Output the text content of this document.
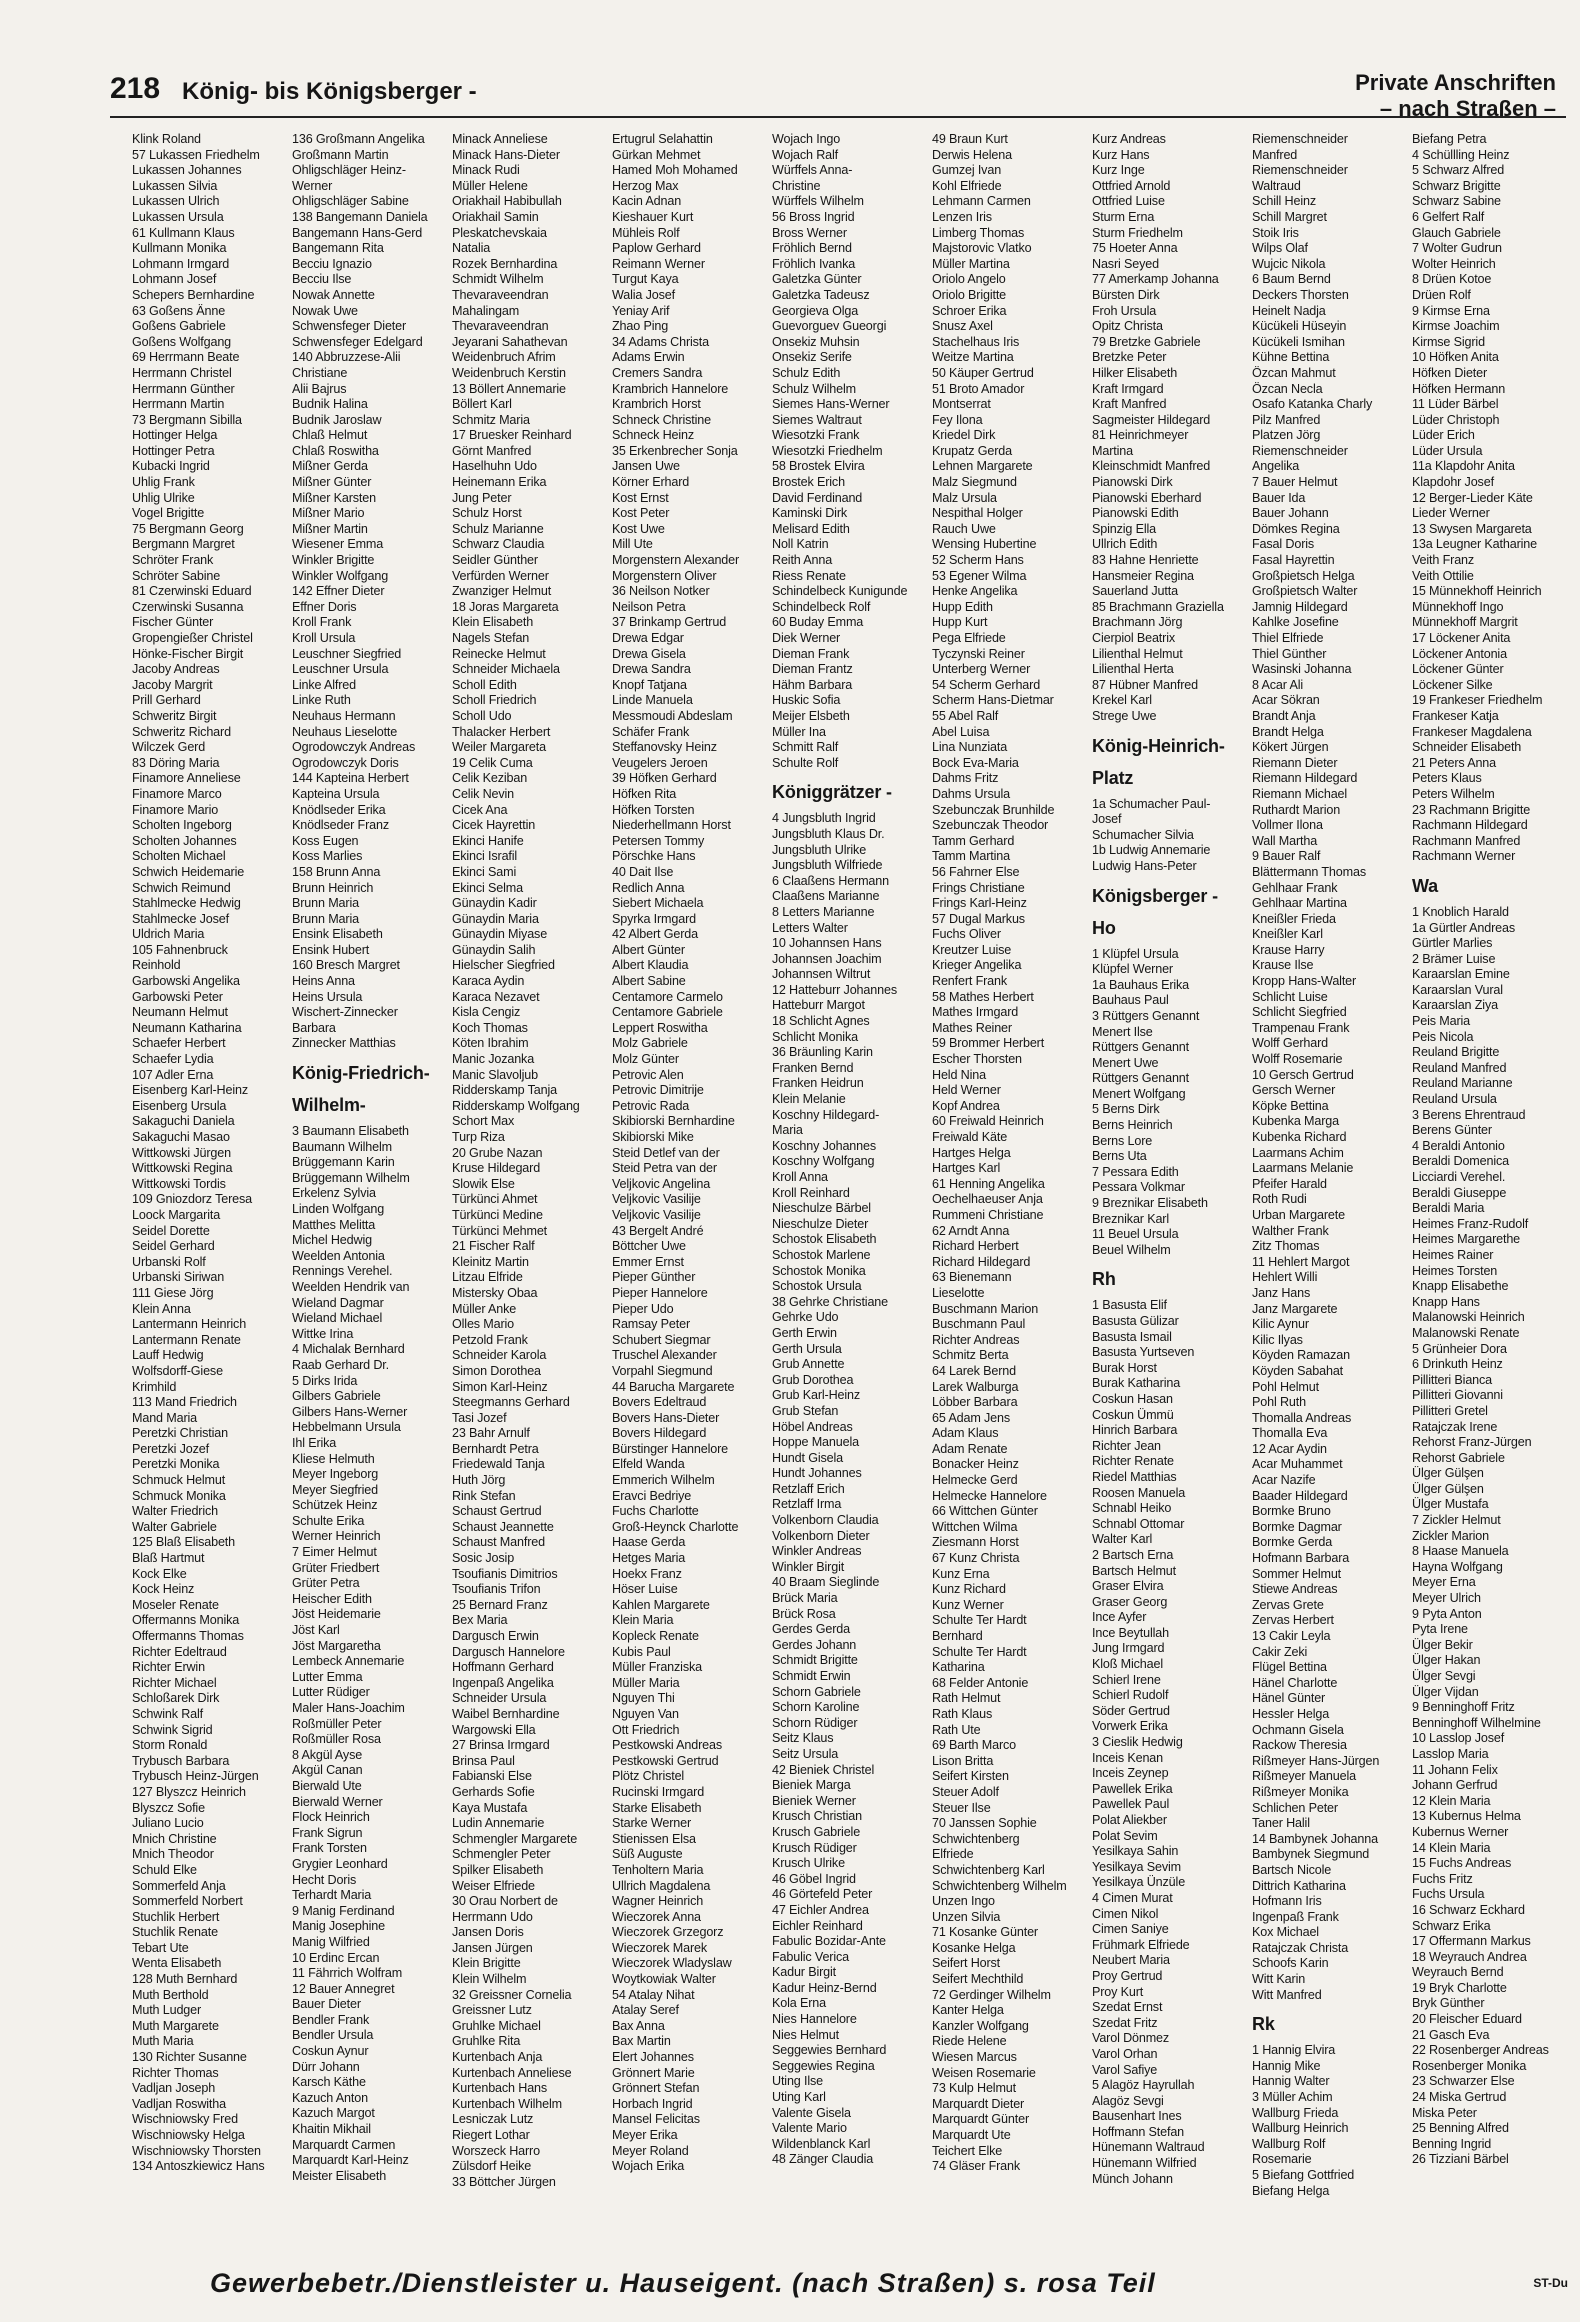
218 König- bis Königsberger -	Private Anschriften
– nach Straßen –
Klink Roland
57 Lukassen Friedhelm
Lukassen Johannes
Lukassen Silvia
Lukassen Ulrich
Lukassen Ursula
61 Kullmann Klaus
Kullmann Monika
Lohmann Irmgard
Lohmann Josef
Schepers Bernhardine
63 Goßens Änne
Goßens Gabriele
Goßens Wolfgang
69 Herrmann Beate
Herrmann Christel
Herrmann Günther
Herrmann Martin
73 Bergmann Sibilla
Hottinger Helga
Hottinger Petra
Kubacki Ingrid
Uhlig Frank
Uhlig Ulrike
Vogel Brigitte
75 Bergmann Georg
Bergmann Margret
Schröter Frank
Schröter Sabine
81 Czerwinski Eduard
Czerwinski Susanna
Fischer Günter
Gropengießer Christel
Hönke-Fischer Birgit
Jacoby Andreas
Jacoby Margrit
Prill Gerhard
Schweritz Birgit
Schweritz Richard
Wilczek Gerd
83 Döring Maria
Finamore Anneliese
Finamore Marco
Finamore Mario
Scholten Ingeborg
Scholten Johannes
Scholten Michael
Schwich Heidemarie
Schwich Reimund
Stahlmecke Hedwig
Stahlmecke Josef
Uldrich Maria
105 Fahnenbruck
Reinhold
Garbowski Angelika
Garbowski Peter
Neumann Helmut
Neumann Katharina
Schaefer Herbert
Schaefer Lydia
107 Adler Erna
Eisenberg Karl-Heinz
Eisenberg Ursula
Sakaguchi Daniela
Sakaguchi Masao
Wittkowski Jürgen
Wittkowski Regina
Wittkowski Tordis
109 Gniozdorz Teresa
Loock Margarita
Seidel Dorette
Seidel Gerhard
Urbanski Rolf
Urbanski Siriwan
111 Giese Jörg
Klein Anna
Lantermann Heinrich
Lantermann Renate
Lauff Hedwig
Wolfsdorff-Giese
Krimhild
113 Mand Friedrich
Mand Maria
Peretzki Christian
Peretzki Jozef
Peretzki Monika
Schmuck Helmut
Schmuck Monika
Walter Friedrich
Walter Gabriele
125 Blaß Elisabeth
Blaß Hartmut
Kock Elke
Kock Heinz
Moseler Renate
Offermanns Monika
Offermanns Thomas
Richter Edeltraud
Richter Erwin
Richter Michael
Schloßarek Dirk
Schwink Ralf
Schwink Sigrid
Storm Ronald
Trybusch Barbara
Trybusch Heinz-Jürgen
127 Blyszcz Heinrich
Blyszcz Sofie
Juliano Lucio
Mnich Christine
Mnich Theodor
Schuld Elke
Sommerfeld Anja
Sommerfeld Norbert
Stuchlik Herbert
Stuchlik Renate
Tebart Ute
Wenta Elisabeth
128 Muth Bernhard
Muth Berthold
Muth Ludger
Muth Margarete
Muth Maria
130 Richter Susanne
Richter Thomas
Vadljan Joseph
Vadljan Roswitha
Wischniowsky Fred
Wischniowsky Helga
Wischniowsky Thorsten
134 Antoszkiewicz Hans
136 Großmann Angelika
Großmann Martin
Ohligschläger Heinz-
Werner
Ohligschläger Sabine
138 Bangemann Daniela
Bangemann Hans-Gerd
Bangemann Rita
Becciu Ignazio
Becciu Ilse
Nowak Annette
Nowak Uwe
Schwensfeger Dieter
Schwensfeger Edelgard
140 Abbruzzese-Alii
Christiane
Alii Bajrus
Budnik Halina
Budnik Jaroslaw
Chlaß Helmut
Chlaß Roswitha
Mißner Gerda
Mißner Günter
Mißner Karsten
Mißner Mario
Mißner Martin
Wiesener Emma
Winkler Brigitte
Winkler Wolfgang
142 Effner Dieter
Effner Doris
Kroll Frank
Kroll Ursula
Leuschner Siegfried
Leuschner Ursula
Linke Alfred
Linke Ruth
Neuhaus Hermann
Neuhaus Lieselotte
Ogrodowczyk Andreas
Ogrodowczyk Doris
144 Kapteina Herbert
Kapteina Ursula
Knödlseder Erika
Knödlseder Franz
Koss Eugen
Koss Marlies
158 Brunn Anna
Brunn Heinrich
Brunn Maria
Brunn Maria
Ensink Elisabeth
Ensink Hubert
160 Bresch Margret
Heins Anna
Heins Ursula
Wischert-Zinnecker
Barbara
Zinnecker Matthias
König-Friedrich-
Wilhelm-
3 Baumann Elisabeth
Baumann Wilhelm
Brüggemann Karin
Brüggemann Wilhelm
Erkelenz Sylvia
Linden Wolfgang
Matthes Melitta
Michel Hedwig
Weelden Antonia
Rennings Verehel.
Weelden Hendrik van
Wieland Dagmar
Wieland Michael
Wittke Irina
4 Michalak Bernhard
Raab Gerhard Dr.
5 Dirks Irida
Gilbers Gabriele
Gilbers Hans-Werner
Hebbelmann Ursula
Ihl Erika
Kliese Helmuth
Meyer Ingeborg
Meyer Siegfried
Schützek Heinz
Schulte Erika
Werner Heinrich
7 Eimer Helmut
Grüter Friedbert
Grüter Petra
Heischer Edith
Jöst Heidemarie
Jöst Karl
Jöst Margaretha
Lembeck Annemarie
Lutter Emma
Lutter Rüdiger
Maler Hans-Joachim
Roßmüller Peter
Roßmüller Rosa
8 Akgül Ayse
Akgül Canan
Bierwald Ute
Bierwald Werner
Flock Heinrich
Frank Sigrun
Frank Torsten
Grygier Leonhard
Hecht Doris
Terhardt Maria
9 Manig Ferdinand
Manig Josephine
Manig Wilfried
10 Erdinc Ercan
11 Fährrich Wolfram
12 Bauer Annegret
Bauer Dieter
Bendler Frank
Bendler Ursula
Coskun Aynur
Dürr Johann
Karsch Käthe
Kazuch Anton
Kazuch Margot
Khaitin Mikhail
Marquardt Carmen
Marquardt Karl-Heinz
Meister Elisabeth
Minack Anneliese
Minack Hans-Dieter
Minack Rudi
Müller Helene
Oriakhail Habibullah
Oriakhail Samin
Pleskatchevskaia
Natalia
Rozek Bernhardina
Schmidt Wilhelm
Thevaraveendran
Mahalingam
Thevaraveendran
Jeyarani Sahathevan
Weidenbruch Afrim
Weidenbruch Kerstin
13 Böllert Annemarie
Böllert Karl
Schmitz Maria
17 Bruesker Reinhard
Görnt Manfred
Haselhuhn Udo
Heinemann Erika
Jung Peter
Schulz Horst
Schulz Marianne
Schwarz Claudia
Seidler Günther
Verfürden Werner
Zwanziger Helmut
18 Joras Margareta
Klein Elisabeth
Nagels Stefan
Reinecke Helmut
Schneider Michaela
Scholl Edith
Scholl Friedrich
Scholl Udo
Thalacker Herbert
Weiler Margareta
19 Celik Cuma
Celik Keziban
Celik Nevin
Cicek Ana
Cicek Hayrettin
Ekinci Hanife
Ekinci Israfil
Ekinci Sami
Ekinci Selma
Günaydin Kadir
Günaydin Maria
Günaydin Miyase
Günaydin Salih
Hielscher Siegfried
Karaca Aydin
Karaca Nezavet
Kisla Cengiz
Koch Thomas
Köten Ibrahim
Manic Jozanka
Manic Slavoljub
Ridderskamp Tanja
Ridderskamp Wolfgang
Schort Max
Turp Riza
20 Grube Nazan
Kruse Hildegard
Slowik Else
Türkünci Ahmet
Türkünci Medine
Türkünci Mehmet
21 Fischer Ralf
Kleinitz Martin
Litzau Elfride
Mistersky Obaa
Müller Anke
Olles Mario
Petzold Frank
Schneider Karola
Simon Dorothea
Simon Karl-Heinz
Steegmanns Gerhard
Tasi Jozef
23 Bahr Arnulf
Bernhardt Petra
Friedewald Tanja
Huth Jörg
Rink Stefan
Schaust Gertrud
Schaust Jeannette
Schaust Manfred
Sosic Josip
Tsoufianis Dimitrios
Tsoufianis Trifon
25 Bernard Franz
Bex Maria
Dargusch Erwin
Dargusch Hannelore
Hoffmann Gerhard
Ingenpaß Angelika
Schneider Ursula
Waibel Bernhardine
Wargowski Ella
27 Brinsa Irmgard
Brinsa Paul
Fabianski Else
Gerhards Sofie
Kaya Mustafa
Ludin Annemarie
Schmengler Margarete
Schmengler Peter
Spilker Elisabeth
Weiser Elfriede
30 Orau Norbert de
Herrmann Udo
Jansen Doris
Jansen Jürgen
Klein Brigitte
Klein Wilhelm
32 Greissner Cornelia
Greissner Lutz
Gruhlke Michael
Gruhlke Rita
Kurtenbach Anja
Kurtenbach Anneliese
Kurtenbach Hans
Kurtenbach Wilhelm
Lesniczak Lutz
Riegert Lothar
Worszeck Harro
Zülsdorf Heike
33 Böttcher Jürgen
Ertugrul Selahattin
Gürkan Mehmet
Hamed Moh Mohamed
Herzog Max
Kacin Adnan
Kieshauer Kurt
Mühleis Rolf
Paplow Gerhard
Reimann Werner
Turgut Kaya
Walia Josef
Yeniay Arif
Zhao Ping
34 Adams Christa
Adams Erwin
Cremers Sandra
Krambrich Hannelore
Krambrich Horst
Schneck Christine
Schneck Heinz
35 Erkenbrecher Sonja
Jansen Uwe
Körner Erhard
Kost Ernst
Kost Peter
Kost Uwe
Mill Ute
Morgenstern Alexander
Morgenstern Oliver
36 Neilson Notker
Neilson Petra
37 Brinkamp Gertrud
Drewa Edgar
Drewa Gisela
Drewa Sandra
Knopf Tatjana
Linde Manuela
Messmoudi Abdeslam
Schäfer Frank
Steffanovsky Heinz
Veugelers Jeroen
39 Höfken Gerhard
Höfken Rita
Höfken Torsten
Niederhellmann Horst
Petersen Tommy
Pörschke Hans
40 Dait Ilse
Redlich Anna
Siebert Michaela
Spyrka Irmgard
42 Albert Gerda
Albert Günter
Albert Klaudia
Albert Sabine
Centamore Carmelo
Centamore Gabriele
Leppert Roswitha
Molz Gabriele
Molz Günter
Petrovic Alen
Petrovic Dimitrije
Petrovic Rada
Skibiorski Bernhardine
Skibiorski Mike
Steid Detlef van der
Steid Petra van der
Veljkovic Angelina
Veljkovic Vasilije
Veljkovic Vasilije
43 Bergelt André
Böttcher Uwe
Emmer Ernst
Pieper Günther
Pieper Hannelore
Pieper Udo
Ramsay Peter
Schubert Siegmar
Truschel Alexander
Vorpahl Siegmund
44 Barucha Margarete
Bovers Edeltraud
Bovers Hans-Dieter
Bovers Hildegard
Bürstinger Hannelore
Elfeld Wanda
Emmerich Wilhelm
Eravci Bedriye
Fuchs Charlotte
Groß-Heynck Charlotte
Haase Gerda
Hetges Maria
Hoekx Franz
Höser Luise
Kahlen Margarete
Klein Maria
Kopleck Renate
Kubis Paul
Müller Franziska
Müller Maria
Nguyen Thi
Nguyen Van
Ott Friedrich
Pestkowski Andreas
Pestkowski Gertrud
Plötz Christel
Rucinski Irmgard
Starke Elisabeth
Starke Werner
Stienissen Elsa
Süß Auguste
Tenholtern Maria
Ullrich Magdalena
Wagner Heinrich
Wieczorek Anna
Wieczorek Grzegorz
Wieczorek Marek
Wieczorek Wladyslaw
Woytkowiak Walter
54 Atalay Nihat
Atalay Seref
Bax Anna
Bax Martin
Elert Johannes
Grönnert Marie
Grönnert Stefan
Horbach Ingrid
Mansel Felicitas
Meyer Erika
Meyer Roland
Wojach Erika
Wojach Ingo
Wojach Ralf
Würffels Anna-
Christine
Würffels Wilhelm
56 Bross Ingrid
Bross Werner
Fröhlich Bernd
Fröhlich Ivanka
Galetzka Günter
Galetzka Tadeusz
Georgieva Olga
Guevorguev Gueorgi
Onsekiz Muhsin
Onsekiz Serife
Schulz Edith
Schulz Wilhelm
Siemes Hans-Werner
Siemes Waltraut
Wiesotzki Frank
Wiesotzki Friedhelm
58 Brostek Elvira
Brostek Erich
David Ferdinand
Kaminski Dirk
Melisard Edith
Noll Katrin
Reith Anna
Riess Renate
Schindelbeck Kunigunde
Schindelbeck Rolf
60 Buday Emma
Diek Werner
Dieman Frank
Dieman Frantz
Hähm Barbara
Huskic Sofia
Meijer Elsbeth
Müller Ina
Schmitt Ralf
Schulte Rolf
Königgrätzer -
4 Jungsbluth Ingrid
Jungsbluth Klaus Dr.
Jungsbluth Ulrike
Jungsbluth Wilfriede
6 Claaßens Hermann
Claaßens Marianne
8 Letters Marianne
Letters Walter
10 Johannsen Hans
Johannsen Joachim
Johannsen Wiltrut
12 Hatteburr Johannes
Hatteburr Margot
18 Schlicht Agnes
Schlicht Monika
36 Bräunling Karin
Franken Bernd
Franken Heidrun
Klein Melanie
Koschny Hildegard-
Maria
Koschny Johannes
Koschny Wolfgang
Kroll Anna
Kroll Reinhard
Nieschulze Bärbel
Nieschulze Dieter
Schostok Elisabeth
Schostok Marlene
Schostok Monika
Schostok Ursula
38 Gehrke Christiane
Gehrke Udo
Gerth Erwin
Gerth Ursula
Grub Annette
Grub Dorothea
Grub Karl-Heinz
Grub Stefan
Höbel Andreas
Hoppe Manuela
Hundt Gisela
Hundt Johannes
Retzlaff Erich
Retzlaff Irma
Volkenborn Claudia
Volkenborn Dieter
Winkler Andreas
Winkler Birgit
40 Braam Sieglinde
Brück Maria
Brück Rosa
Gerdes Gerda
Gerdes Johann
Schmidt Brigitte
Schmidt Erwin
Schorn Gabriele
Schorn Karoline
Schorn Rüdiger
Seitz Klaus
Seitz Ursula
42 Bieniek Christel
Bieniek Marga
Bieniek Werner
Krusch Christian
Krusch Gabriele
Krusch Rüdiger
Krusch Ulrike
46 Göbel Ingrid
46 Görtefeld Peter
47 Eichler Andrea
Eichler Reinhard
Fabulic Bozidar-Ante
Fabulic Verica
Kadur Birgit
Kadur Heinz-Bernd
Kola Erna
Nies Hannelore
Nies Helmut
Seggewies Bernhard
Seggewies Regina
Uting Ilse
Uting Karl
Valente Gisela
Valente Mario
Wildenblanck Karl
48 Zänger Claudia
49 Braun Kurt
Derwis Helena
Gumzej Ivan
Kohl Elfriede
Lehmann Carmen
Lenzen Iris
Limberg Thomas
Majstorovic Vlatko
Müller Martina
Oriolo Angelo
Oriolo Brigitte
Schroer Erika
Snusz Axel
Stachelhaus Iris
Weitze Martina
50 Käuper Gertrud
51 Broto Amador
Montserrat
Fey Ilona
Kriedel Dirk
Krupatz Gerda
Lehnen Margarete
Malz Siegmund
Malz Ursula
Nespithal Holger
Rauch Uwe
Wensing Hubertine
52 Scherm Hans
53 Egener Wilma
Henke Angelika
Hupp Edith
Hupp Kurt
Pega Elfriede
Tyczynski Reiner
Unterberg Werner
54 Scherm Gerhard
Scherm Hans-Dietmar
55 Abel Ralf
Abel Luisa
Lina Nunziata
Bock Eva-Maria
Dahms Fritz
Dahms Ursula
Szebunczak Brunhilde
Szebunczak Theodor
Tamm Gerhard
Tamm Martina
56 Fahrner Else
Frings Christiane
Frings Karl-Heinz
57 Dugal Markus
Fuchs Oliver
Kreutzer Luise
Krieger Angelika
Renfert Frank
58 Mathes Herbert
Mathes Irmgard
Mathes Reiner
59 Brommer Herbert
Escher Thorsten
Held Nina
Held Werner
Kopf Andrea
60 Freiwald Heinrich
Freiwald Käte
Hartges Helga
Hartges Karl
61 Henning Angelika
Oechelhaeuser Anja
Rummeni Christiane
62 Arndt Anna
Richard Herbert
Richard Hildegard
63 Bienemann
Lieselotte
Buschmann Marion
Buschmann Paul
Richter Andreas
Schmitz Berta
64 Larek Bernd
Larek Walburga
Löbber Barbara
65 Adam Jens
Adam Klaus
Adam Renate
Bonacker Heinz
Helmecke Gerd
Helmecke Hannelore
66 Wittchen Günter
Wittchen Wilma
Ziesmann Horst
67 Kunz Christa
Kunz Erna
Kunz Richard
Kunz Werner
Schulte Ter Hardt
Bernhard
Schulte Ter Hardt
Katharina
68 Felder Antonie
Rath Helmut
Rath Klaus
Rath Ute
69 Barth Marco
Lison Britta
Seifert Kirsten
Steuer Adolf
Steuer Ilse
70 Janssen Sophie
Schwichtenberg
Elfriede
Schwichtenberg Karl
Schwichtenberg Wilhelm
Unzen Ingo
Unzen Silvia
71 Kosanke Günter
Kosanke Helga
Seifert Horst
Seifert Mechthild
72 Gerdinger Wilhelm
Kanter Helga
Kanzler Wolfgang
Riede Helene
Wiesen Marcus
Weisen Rosemarie
73 Kulp Helmut
Marquardt Dieter
Marquardt Günter
Marquardt Ute
Teichert Elke
74 Gläser Frank
Kurz Andreas
Kurz Hans
Kurz Inge
Ottfried Arnold
Ottfried Luise
Sturm Erna
Sturm Friedhelm
75 Hoeter Anna
Nasri Seyed
77 Amerkamp Johanna
Bürsten Dirk
Froh Ursula
Opitz Christa
79 Bretzke Gabriele
Bretzke Peter
Hilker Elisabeth
Kraft Irmgard
Kraft Manfred
Sagmeister Hildegard
81 Heinrichmeyer
Martina
Kleinschmidt Manfred
Pianowski Dirk
Pianowski Eberhard
Pianowski Edith
Spinzig Ella
Ullrich Edith
83 Hahne Henriette
Hansmeier Regina
Sauerland Jutta
85 Brachmann Graziella
Brachmann Jörg
Cierpiol Beatrix
Lilienthal Helmut
Lilienthal Herta
87 Hübner Manfred
Krekel Karl
Strege Uwe
König-Heinrich-
Platz
1a Schumacher Paul-
Josef
Schumacher Silvia
1b Ludwig Annemarie
Ludwig Hans-Peter
Königsberger -
Ho
1 Klüpfel Ursula
Klüpfel Werner
1a Bauhaus Erika
Bauhaus Paul
3 Rüttgers Genannt
Menert Ilse
Rüttgers Genannt
Menert Uwe
Rüttgers Genannt
Menert Wolfgang
5 Berns Dirk
Berns Heinrich
Berns Lore
Berns Uta
7 Pessara Edith
Pessara Volkmar
9 Breznikar Elisabeth
Breznikar Karl
11 Beuel Ursula
Beuel Wilhelm
Rh
1 Basusta Elif
Basusta Gülizar
Basusta Ismail
Basusta Yurtseven
Burak Horst
Burak Katharina
Coskun Hasan
Coskun Ümmü
Hinrich Barbara
Richter Jean
Richter Renate
Riedel Matthias
Roosen Manuela
Schnabl Heiko
Schnabl Ottomar
Walter Karl
2 Bartsch Erna
Bartsch Helmut
Graser Elvira
Graser Georg
Ince Ayfer
Ince Beytullah
Jung Irmgard
Kloß Michael
Schierl Irene
Schierl Rudolf
Söder Gertrud
Vorwerk Erika
3 Cieslik Hedwig
Inceis Kenan
Inceis Zeynep
Pawellek Erika
Pawellek Paul
Polat Aliekber
Polat Sevim
Yesilkaya Sahin
Yesilkaya Sevim
Yesilkaya Ünzüle
4 Cimen Murat
Cimen Nikol
Cimen Saniye
Frühmark Elfriede
Neubert Maria
Proy Gertrud
Proy Kurt
Szedat Ernst
Szedat Fritz
Varol Dönmez
Varol Orhan
Varol Safiye
5 Alagöz Hayrullah
Alagöz Sevgi
Bausenhart Ines
Hoffmann Stefan
Hünemann Waltraud
Hünemann Wilfried
Münch Johann
Riemenschneider
Manfred
Riemenschneider
Waltraud
Schill Heinz
Schill Margret
Stoik Iris
Wilps Olaf
Wujcic Nikola
6 Baum Bernd
Deckers Thorsten
Heinelt Nadja
Kücükeli Hüseyin
Kücükeli Ismihan
Kühne Bettina
Özcan Mahmut
Özcan Necla
Osafo Katanka Charly
Pilz Manfred
Platzen Jörg
Riemenschneider
Angelika
7 Bauer Helmut
Bauer Ida
Bauer Johann
Dömkes Regina
Fasal Doris
Fasal Hayrettin
Großpietsch Helga
Großpietsch Walter
Jamnig Hildegard
Kahlke Josefine
Thiel Elfriede
Thiel Günther
Wasinski Johanna
8 Acar Ali
Acar Sökran
Brandt Anja
Brandt Helga
Kökert Jürgen
Riemann Dieter
Riemann Hildegard
Riemann Michael
Ruthardt Marion
Vollmer Ilona
Wall Martha
9 Bauer Ralf
Blättermann Thomas
Gehlhaar Frank
Gehlhaar Martina
Kneißler Frieda
Kneißler Karl
Krause Harry
Krause Ilse
Kropp Hans-Walter
Schlicht Luise
Schlicht Siegfried
Trampenau Frank
Wolff Gerhard
Wolff Rosemarie
10 Gersch Gertrud
Gersch Werner
Köpke Bettina
Kubenka Marga
Kubenka Richard
Laarmans Achim
Laarmans Melanie
Pfeifer Harald
Roth Rudi
Urban Margarete
Walther Frank
Zitz Thomas
11 Hehlert Margot
Hehlert Willi
Janz Hans
Janz Margarete
Kilic Aynur
Kilic Ilyas
Köyden Ramazan
Köyden Sabahat
Pohl Helmut
Pohl Ruth
Thomalla Andreas
Thomalla Eva
12 Acar Aydin
Acar Muhammet
Acar Nazife
Baader Hildegard
Bormke Bruno
Bormke Dagmar
Bormke Gerda
Hofmann Barbara
Sommer Helmut
Stiewe Andreas
Zervas Grete
Zervas Herbert
13 Cakir Leyla
Cakir Zeki
Flügel Bettina
Hänel Charlotte
Hänel Günter
Hessler Helga
Ochmann Gisela
Rackow Theresia
Rißmeyer Hans-Jürgen
Rißmeyer Manuela
Rißmeyer Monika
Schlichen Peter
Taner Halil
14 Bambynek Johanna
Bambynek Siegmund
Bartsch Nicole
Dittrich Katharina
Hofmann Iris
Ingenpaß Frank
Kox Michael
Ratajczak Christa
Schoofs Karin
Witt Karin
Witt Manfred
Rk
1 Hannig Elvira
Hannig Mike
Hannig Walter
3 Müller Achim
Wallburg Frieda
Wallburg Heinrich
Wallburg Rolf
Rosemarie
5 Biefang Gottfried
Biefang Helga
Biefang Petra
4 Schüllling Heinz
5 Schwarz Alfred
Schwarz Brigitte
Schwarz Sabine
6 Gelfert Ralf
Glauch Gabriele
7 Wolter Gudrun
Wolter Heinrich
8 Drüen Kotoe
Drüen Rolf
9 Kirmse Erna
Kirmse Joachim
Kirmse Sigrid
10 Höfken Anita
Höfken Dieter
Höfken Hermann
11 Lüder Bärbel
Lüder Christoph
Lüder Erich
Lüder Ursula
11a Klapdohr Anita
Klapdohr Josef
12 Berger-Lieder Käte
Lieder Werner
13 Swysen Margareta
13a Leugner Katharine
Veith Franz
Veith Ottilie
15 Münnekhoff Heinrich
Münnekhoff Ingo
Münnekhoff Margrit
17 Löckener Anita
Löckener Antonia
Löckener Günter
Löckener Silke
19 Frankeser Friedhelm
Frankeser Katja
Frankeser Magdalena
Schneider Elisabeth
21 Peters Anna
Peters Klaus
Peters Wilhelm
23 Rachmann Brigitte
Rachmann Hildegard
Rachmann Manfred
Rachmann Werner
Wa
1 Knoblich Harald
1a Gürtler Andreas
Gürtler Marlies
2 Brämer Luise
Karaarslan Emine
Karaarslan Vural
Karaarslan Ziya
Peis Maria
Peis Nicola
Reuland Brigitte
Reuland Manfred
Reuland Marianne
Reuland Ursula
3 Berens Ehrentraud
Berens Günter
4 Beraldi Antonio
Beraldi Domenica
Licciardi Verehel.
Beraldi Giuseppe
Beraldi Maria
Heimes Franz-Rudolf
Heimes Margarethe
Heimes Rainer
Heimes Torsten
Knapp Elisabethe
Knapp Hans
Malanowski Heinrich
Malanowski Renate
5 Grünheier Dora
6 Drinkuth Heinz
Pillitteri Bianca
Pillitteri Giovanni
Pillitteri Gretel
Ratajczak Irene
Rehorst Franz-Jürgen
Rehorst Gabriele
Ülger Gülşen
Ülger Gülşen
Ülger Mustafa
7 Zickler Helmut
Zickler Marion
8 Haase Manuela
Hayna Wolfgang
Meyer Erna
Meyer Ulrich
9 Pyta Anton
Pyta Irene
Ülger Bekir
Ülger Hakan
Ülger Sevgi
Ülger Vijdan
9 Benninghoff Fritz
Benninghoff Wilhelmine
10 Lasslop Josef
Lasslop Maria
11 Johann Felix
Johann Gerfrud
12 Klein Maria
13 Kubernus Helma
Kubernus Werner
14 Klein Maria
15 Fuchs Andreas
Fuchs Fritz
Fuchs Ursula
16 Schwarz Eckhard
Schwarz Erika
17 Offermann Markus
18 Weyrauch Andrea
Weyrauch Bernd
19 Bryk Charlotte
Bryk Günther
20 Fleischer Eduard
21 Gasch Eva
22 Rosenberger Andreas
Rosenberger Monika
23 Schwarzer Else
24 Miska Gertrud
Miska Peter
25 Benning Alfred
Benning Ingrid
26 Tizziani Bärbel
Gewerbebetr./Dienstleister u. Hauseigent. (nach Straßen) s. rosa Teil	ST-Du
